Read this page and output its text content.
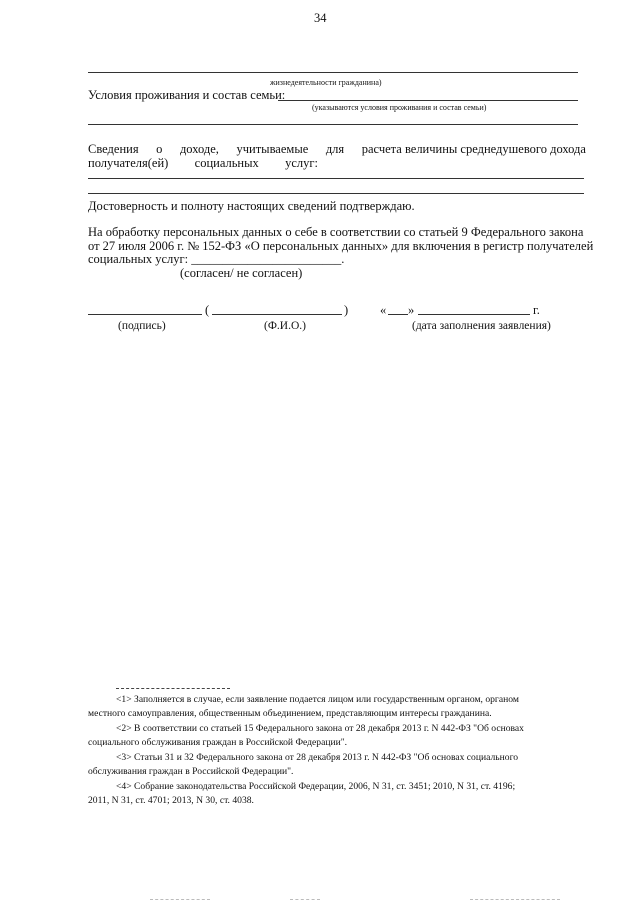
34
жизнедеятельности гражданина)
Условия проживания и состав семьи:
(указываются условия проживания и состав семьи)
Сведения о доходе, учитываемые для расчета величины среднедушевого дохода
получателя(ей) социальных услуг:
Достоверность и полноту настоящих сведений подтверждаю.
На обработку персональных данных о себе в соответствии со статьей 9 Федерального закона
от 27 июля 2006 г. № 152-ФЗ «О персональных данных» для включения в регистр получателей
социальных услуг: ________________________.
(согласен/ не согласен)
(	)	« »	г.
(подпись)	(Ф.И.О.)	(дата заполнения заявления)
<1> Заполняется в случае, если заявление подается лицом или государственным органом, органом
местного самоуправления, общественным объединением, представляющим интересы гражданина.
<2> В соответствии со статьей 15 Федерального закона от 28 декабря 2013 г. N 442-ФЗ "Об основах
социального обслуживания граждан в Российской Федерации".
<3> Статьи 31 и 32 Федерального закона от 28 декабря 2013 г. N 442-ФЗ "Об основах социального
обслуживания граждан в Российской Федерации".
<4> Собрание законодательства Российской Федерации, 2006, N 31, ст. 3451; 2010, N 31, ст. 4196;
2011, N 31, ст. 4701; 2013, N 30, ст. 4038.
